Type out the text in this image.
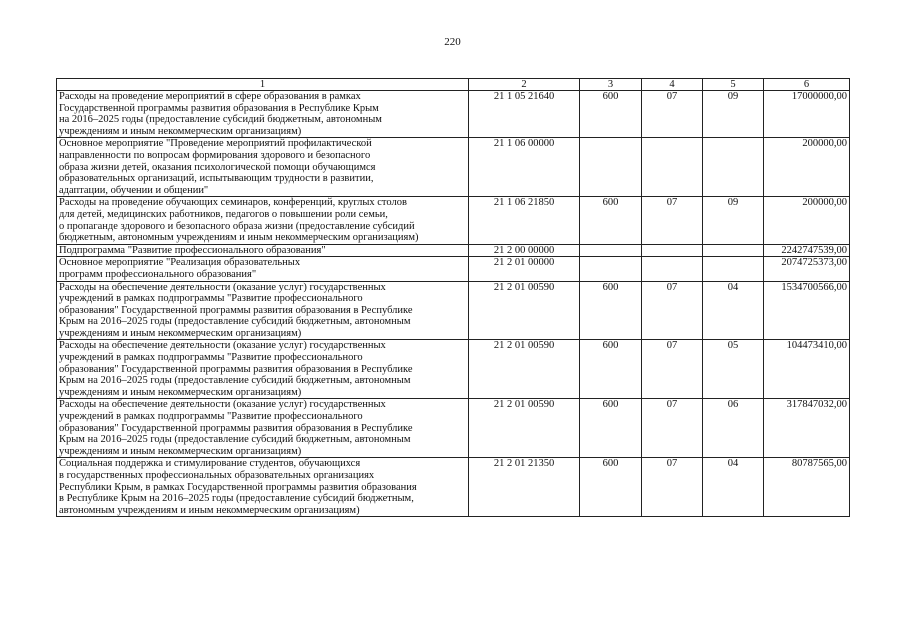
220
1	2	3	4	5	6
Расходы на проведение мероприятий в сфере образования в рамках
Государственной программы развития образования в Республике Крым
на 2016–2025 годы (предоставление субсидий бюджетным, автономным
учреждениям и иным некоммерческим организациям)	21 1 05 21640	600	07	09	17000000,00
Основное мероприятие "Проведение мероприятий профилактической
направленности по вопросам формирования здорового и безопасного
образа жизни детей, оказания психологической помощи обучающимся
образовательных организаций, испытывающим трудности в развитии,
адаптации, обучении и общении"	21 1 06 00000				200000,00
Расходы на проведение обучающих семинаров, конференций, круглых столов
для детей, медицинских работников, педагогов о повышении роли семьи,
о пропаганде здорового и безопасного образа жизни (предоставление субсидий
бюджетным, автономным учреждениям и иным некоммерческим организациям)	21 1 06 21850	600	07	09	200000,00
Подпрограмма "Развитие профессионального образования"	21 2 00 00000				2242747539,00
Основное мероприятие "Реализация образовательных
программ профессионального образования"	21 2 01 00000				2074725373,00
Расходы на обеспечение деятельности (оказание услуг) государственных
учреждений в рамках подпрограммы "Развитие профессионального
образования" Государственной программы развития образования в Республике
Крым на 2016–2025 годы (предоставление субсидий бюджетным, автономным
учреждениям и иным некоммерческим организациям)	21 2 01 00590	600	07	04	1534700566,00
Расходы на обеспечение деятельности (оказание услуг) государственных
учреждений в рамках подпрограммы "Развитие профессионального
образования" Государственной программы развития образования в Республике
Крым на 2016–2025 годы (предоставление субсидий бюджетным, автономным
учреждениям и иным некоммерческим организациям)	21 2 01 00590	600	07	05	104473410,00
Расходы на обеспечение деятельности (оказание услуг) государственных
учреждений в рамках подпрограммы "Развитие профессионального
образования" Государственной программы развития образования в Республике
Крым на 2016–2025 годы (предоставление субсидий бюджетным, автономным
учреждениям и иным некоммерческим организациям)	21 2 01 00590	600	07	06	317847032,00
Социальная поддержка и стимулирование студентов, обучающихся
в государственных профессиональных образовательных организациях
Республики Крым, в рамках Государственной программы развития образования
в Республике Крым на 2016–2025 годы (предоставление субсидий бюджетным,
автономным учреждениям и иным некоммерческим организациям)	21 2 01 21350	600	07	04	80787565,00
